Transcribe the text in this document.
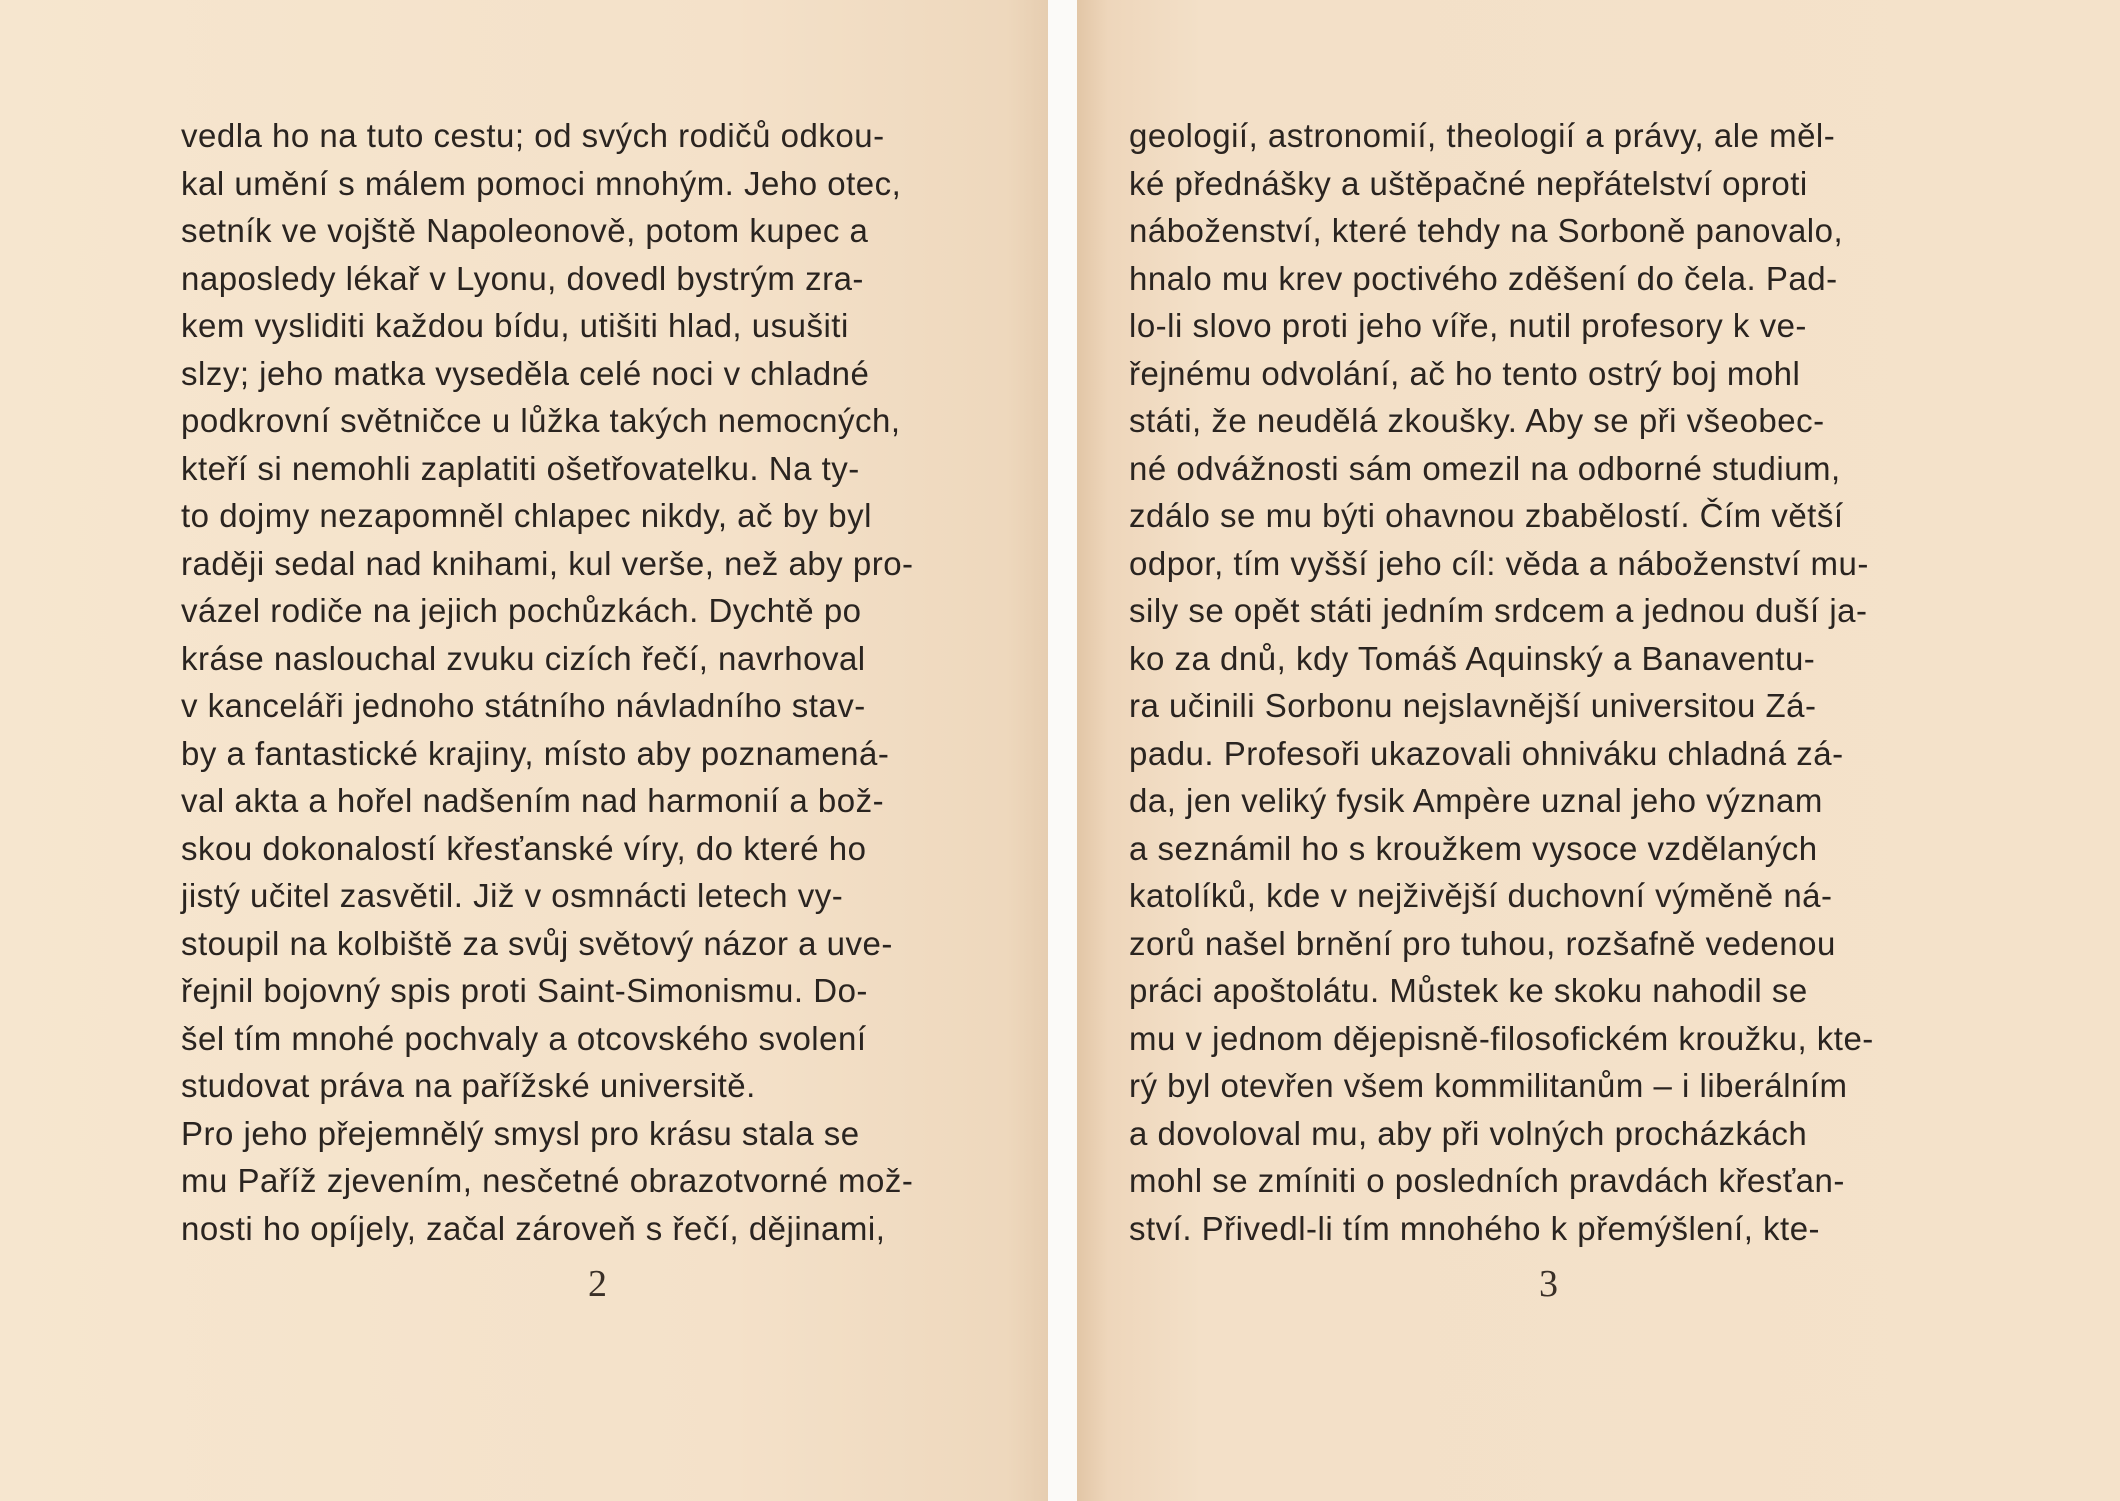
vedla ho na tuto cestu; od svých rodičů odkou-
kal umění s málem pomoci mnohým. Jeho otec,
setník ve vojště Napoleonově, potom kupec a
naposledy lékař v Lyonu, dovedl bystrým zra-
kem vysliditi každou bídu, utišiti hlad, usušiti
slzy; jeho matka vyseděla celé noci v chladné
podkrovní světničce u lůžka takých nemocných,
kteří si nemohli zaplatiti ošetřovatelku. Na ty-
to dojmy nezapomněl chlapec nikdy, ač by byl
raději sedal nad knihami, kul verše, než aby pro-
vázel rodiče na jejich pochůzkách. Dychtě po
kráse naslouchal zvuku cizích řečí, navrhoval
v kanceláři jednoho státního návladního stav-
by a fantastické krajiny, místo aby poznamená-
val akta a hořel nadšením nad harmonií a bož-
skou dokonalostí křesťanské víry, do které ho
jistý učitel zasvětil. Již v osmnácti letech vy-
stoupil na kolbiště za svůj světový názor a uve-
řejnil bojovný spis proti Saint-Simonismu. Do-
šel tím mnohé pochvaly a otcovského svolení
studovat práva na pařížské universitě.
Pro jeho přejemnělý smysl pro krásu stala se
mu Paříž zjevením, nesčetné obrazotvorné mož-
nosti ho opíjely, začal zároveň s řečí, dějinami,
2
geologií, astronomií, theologií a právy, ale měl-
ké přednášky a uštěpačné nepřátelství oproti
náboženství, které tehdy na Sorboně panovalo,
hnalo mu krev poctivého zděšení do čela. Pad-
lo-li slovo proti jeho víře, nutil profesory k ve-
řejnému odvolání, ač ho tento ostrý boj mohl
státi, že neudělá zkoušky. Aby se při všeobec-
né odvážnosti sám omezil na odborné studium,
zdálo se mu býti ohavnou zbabělostí. Čím větší
odpor, tím vyšší jeho cíl: věda a náboženství mu-
sily se opět státi jedním srdcem a jednou duší ja-
ko za dnů, kdy Tomáš Aquinský a Banaventu-
ra učinili Sorbonu nejslavnější universitou Zá-
padu. Profesoři ukazovali ohniváku chladná zá-
da, jen veliký fysik Ampère uznal jeho význam
a seznámil ho s kroužkem vysoce vzdělaných
katolíků, kde v nejživější duchovní výměně ná-
zorů našel brnění pro tuhou, rozšafně vedenou
práci apoštolátu. Můstek ke skoku nahodil se
mu v jednom dějepisně-filosofickém kroužku, kte-
rý byl otevřen všem kommilitanům – i liberálním
a dovoloval mu, aby při volných procházkách
mohl se zmíniti o posledních pravdách křesťan-
ství. Přivedl-li tím mnohého k přemýšlení, kte-
3
